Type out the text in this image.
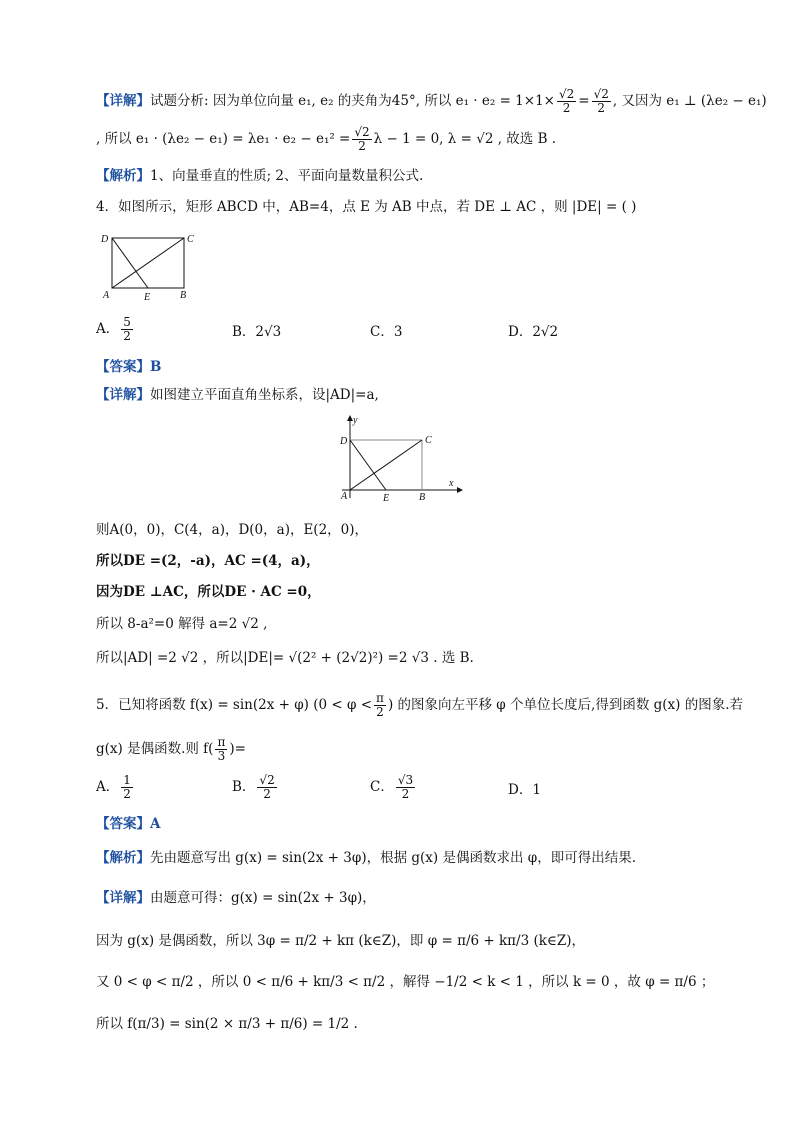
【详解】试题分析: 因为单位向量 e₁, e₂ 的夹角为45°, 所以 $e_1 \cdot e_2 = 1\times 1\times \frac{√2}{2} = \frac{√2}{2}$ , 又因为 e₁ ⊥ (λe₂ − e₁)
, 所以 $e_1 \cdot (\lambda e_2 - e_1) = \lambda e_1 \cdot e_2 - e_1^2 = \frac{√2}{2}$ λ − 1 = 0, λ = √2 , 故选 B .
【解析】1、向量垂直的性质; 2、平面向量数量积公式.
4．如图所示，矩形 ABCD 中，AB=4，点 E 为 AB 中点，若 DE ⊥ AC ，则 |DE| = ( )
D	C
A	E	B
A． $\frac{5}{2}$	B．2√3	C．3	D．2√2
【答案】B
【详解】如图建立平面直角坐标系，设|AD|=a,
y
D	C
A	E	B
x
则A(0，0)，C(4，a)，D(0，a)，E(2，0)，
所以DE =(2，-a)，AC =(4，a)，
因为DE ⊥AC，所以DE · AC =0，
所以 8-a²=0 解得 a=2 √2 ,
所以|AD| =2 √2 ，所以|DE|= √(2² + (2√2)²) =2 √3 . 选 B.
5．已知将函数 f(x) = sin(2x + φ) ($0 < \varphi < \frac{\pi}{2}$ ) 的图象向左平移 φ 个单位长度后,得到函数 g(x) 的图象.若
g(x) 是偶函数.则 $f( \frac{\pi}{3}$ )=
A． $\frac{1}{2}$	B． $\frac{√2}{2}$	C． $\frac{√3}{2}$	D．1
【答案】A
【解析】先由题意写出 g(x) = sin(2x + 3φ)，根据 g(x) 是偶函数求出 φ，即可得出结果.
【详解】由题意可得：g(x) = sin(2x + 3φ)，
因为 g(x) 是偶函数，所以 3φ = π/2 + kπ (k∈Z)，即 φ = π/6 + kπ/3 (k∈Z)，
又 0 < φ < π/2 ，所以 0 < π/6 + kπ/3 < π/2 ，解得 −1/2 < k < 1 ，所以 k = 0 ，故 φ = π/6 ；
所以 f(π/3) = sin(2 × π/3 + π/6) = 1/2 .
